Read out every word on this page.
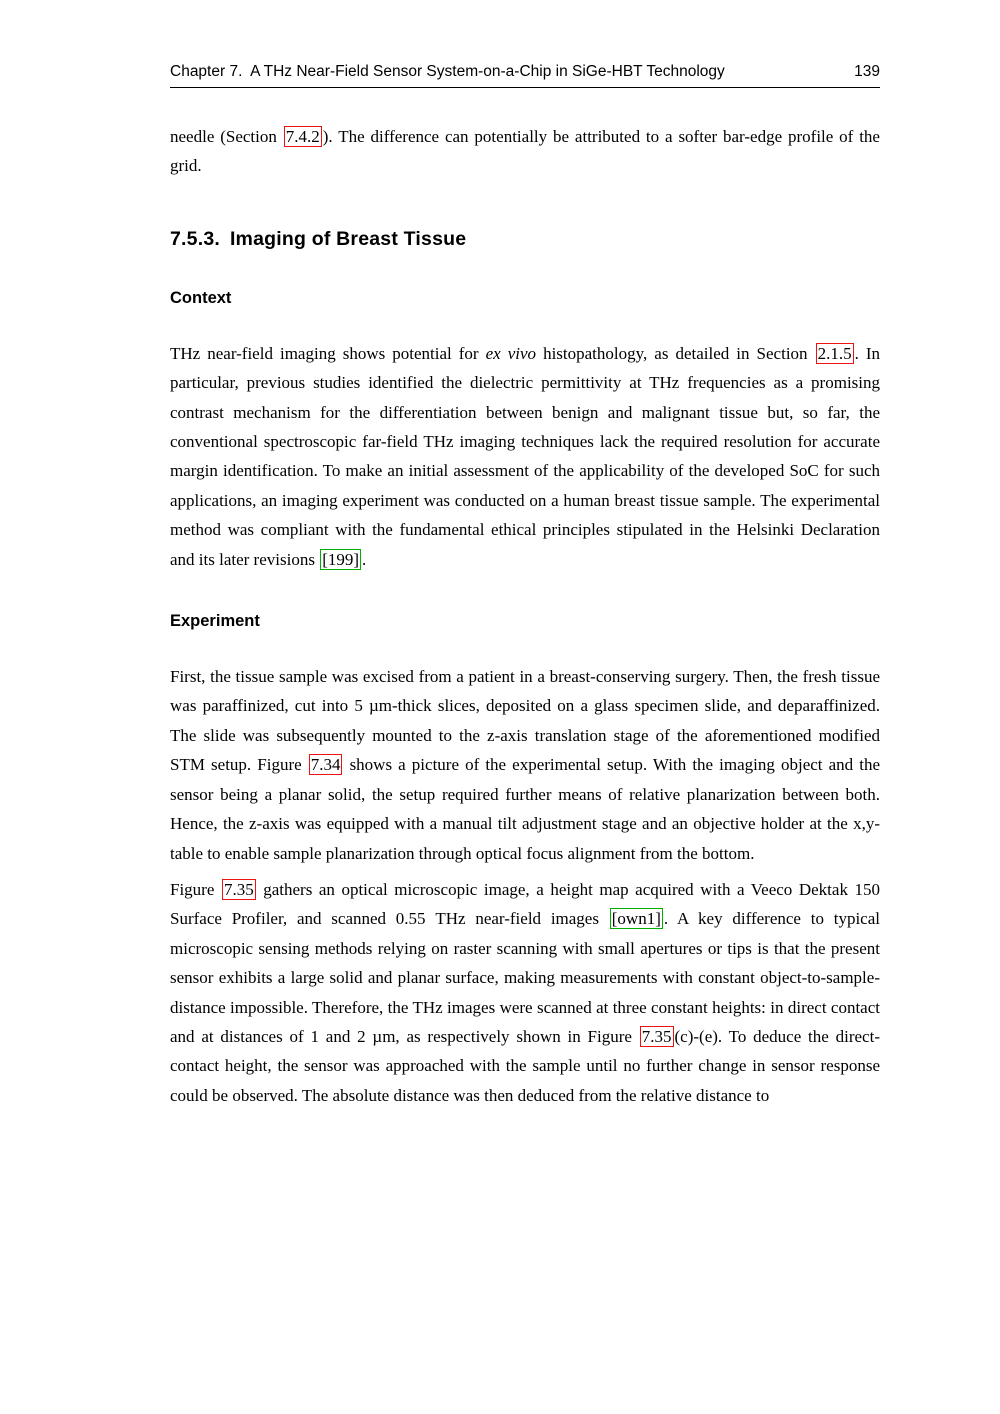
Chapter 7. A THz Near-Field Sensor System-on-a-Chip in SiGe-HBT Technology	139

needle (Section 7.4.2 ). The difference can potentially be attributed to a softer bar-edge profile of the grid.

7.5.3. Imaging of Breast Tissue
Context

THz near-field imaging shows potential for ex vivo histopathology, as detailed in Section 2.1.5 . In particular, previous studies identified the dielectric permittivity at THz frequencies as a promising contrast mechanism for the differentiation between benign and malignant tissue but, so far, the conventional spectroscopic far-field THz imaging techniques lack the required resolution for accurate margin identification. To make an initial assessment of the applicability of the developed SoC for such applications, an imaging experiment was conducted on a human breast tissue sample. The experimental method was compliant with the fundamental ethical principles stipulated in the Helsinki Declaration and its later revisions [199] .

Experiment

First, the tissue sample was excised from a patient in a breast-conserving surgery. Then, the fresh tissue was paraffinized, cut into 5 µm-thick slices, deposited on a glass specimen slide, and deparaffinized. The slide was subsequently mounted to the z-axis translation stage of the aforementioned modified STM setup. Figure 7.34 shows a picture of the experimental setup. With the imaging object and the sensor being a planar solid, the setup required further means of relative planarization between both. Hence, the z-axis was equipped with a manual tilt adjustment stage and an objective holder at the x,y-table to enable sample planarization through optical focus alignment from the bottom.

Figure 7.35 gathers an optical microscopic image, a height map acquired with a Veeco Dektak 150 Surface Profiler, and scanned 0.55 THz near-field images [own1] . A key difference to typical microscopic sensing methods relying on raster scanning with small apertures or tips is that the present sensor exhibits a large solid and planar surface, making measurements with constant object-to-sample-distance impossible. Therefore, the THz images were scanned at three constant heights: in direct contact and at distances of 1 and 2 µm, as respectively shown in Figure 7.35 (c)-(e). To deduce the direct-contact height, the sensor was approached with the sample until no further change in sensor response could be observed. The absolute distance was then deduced from the relative distance to
